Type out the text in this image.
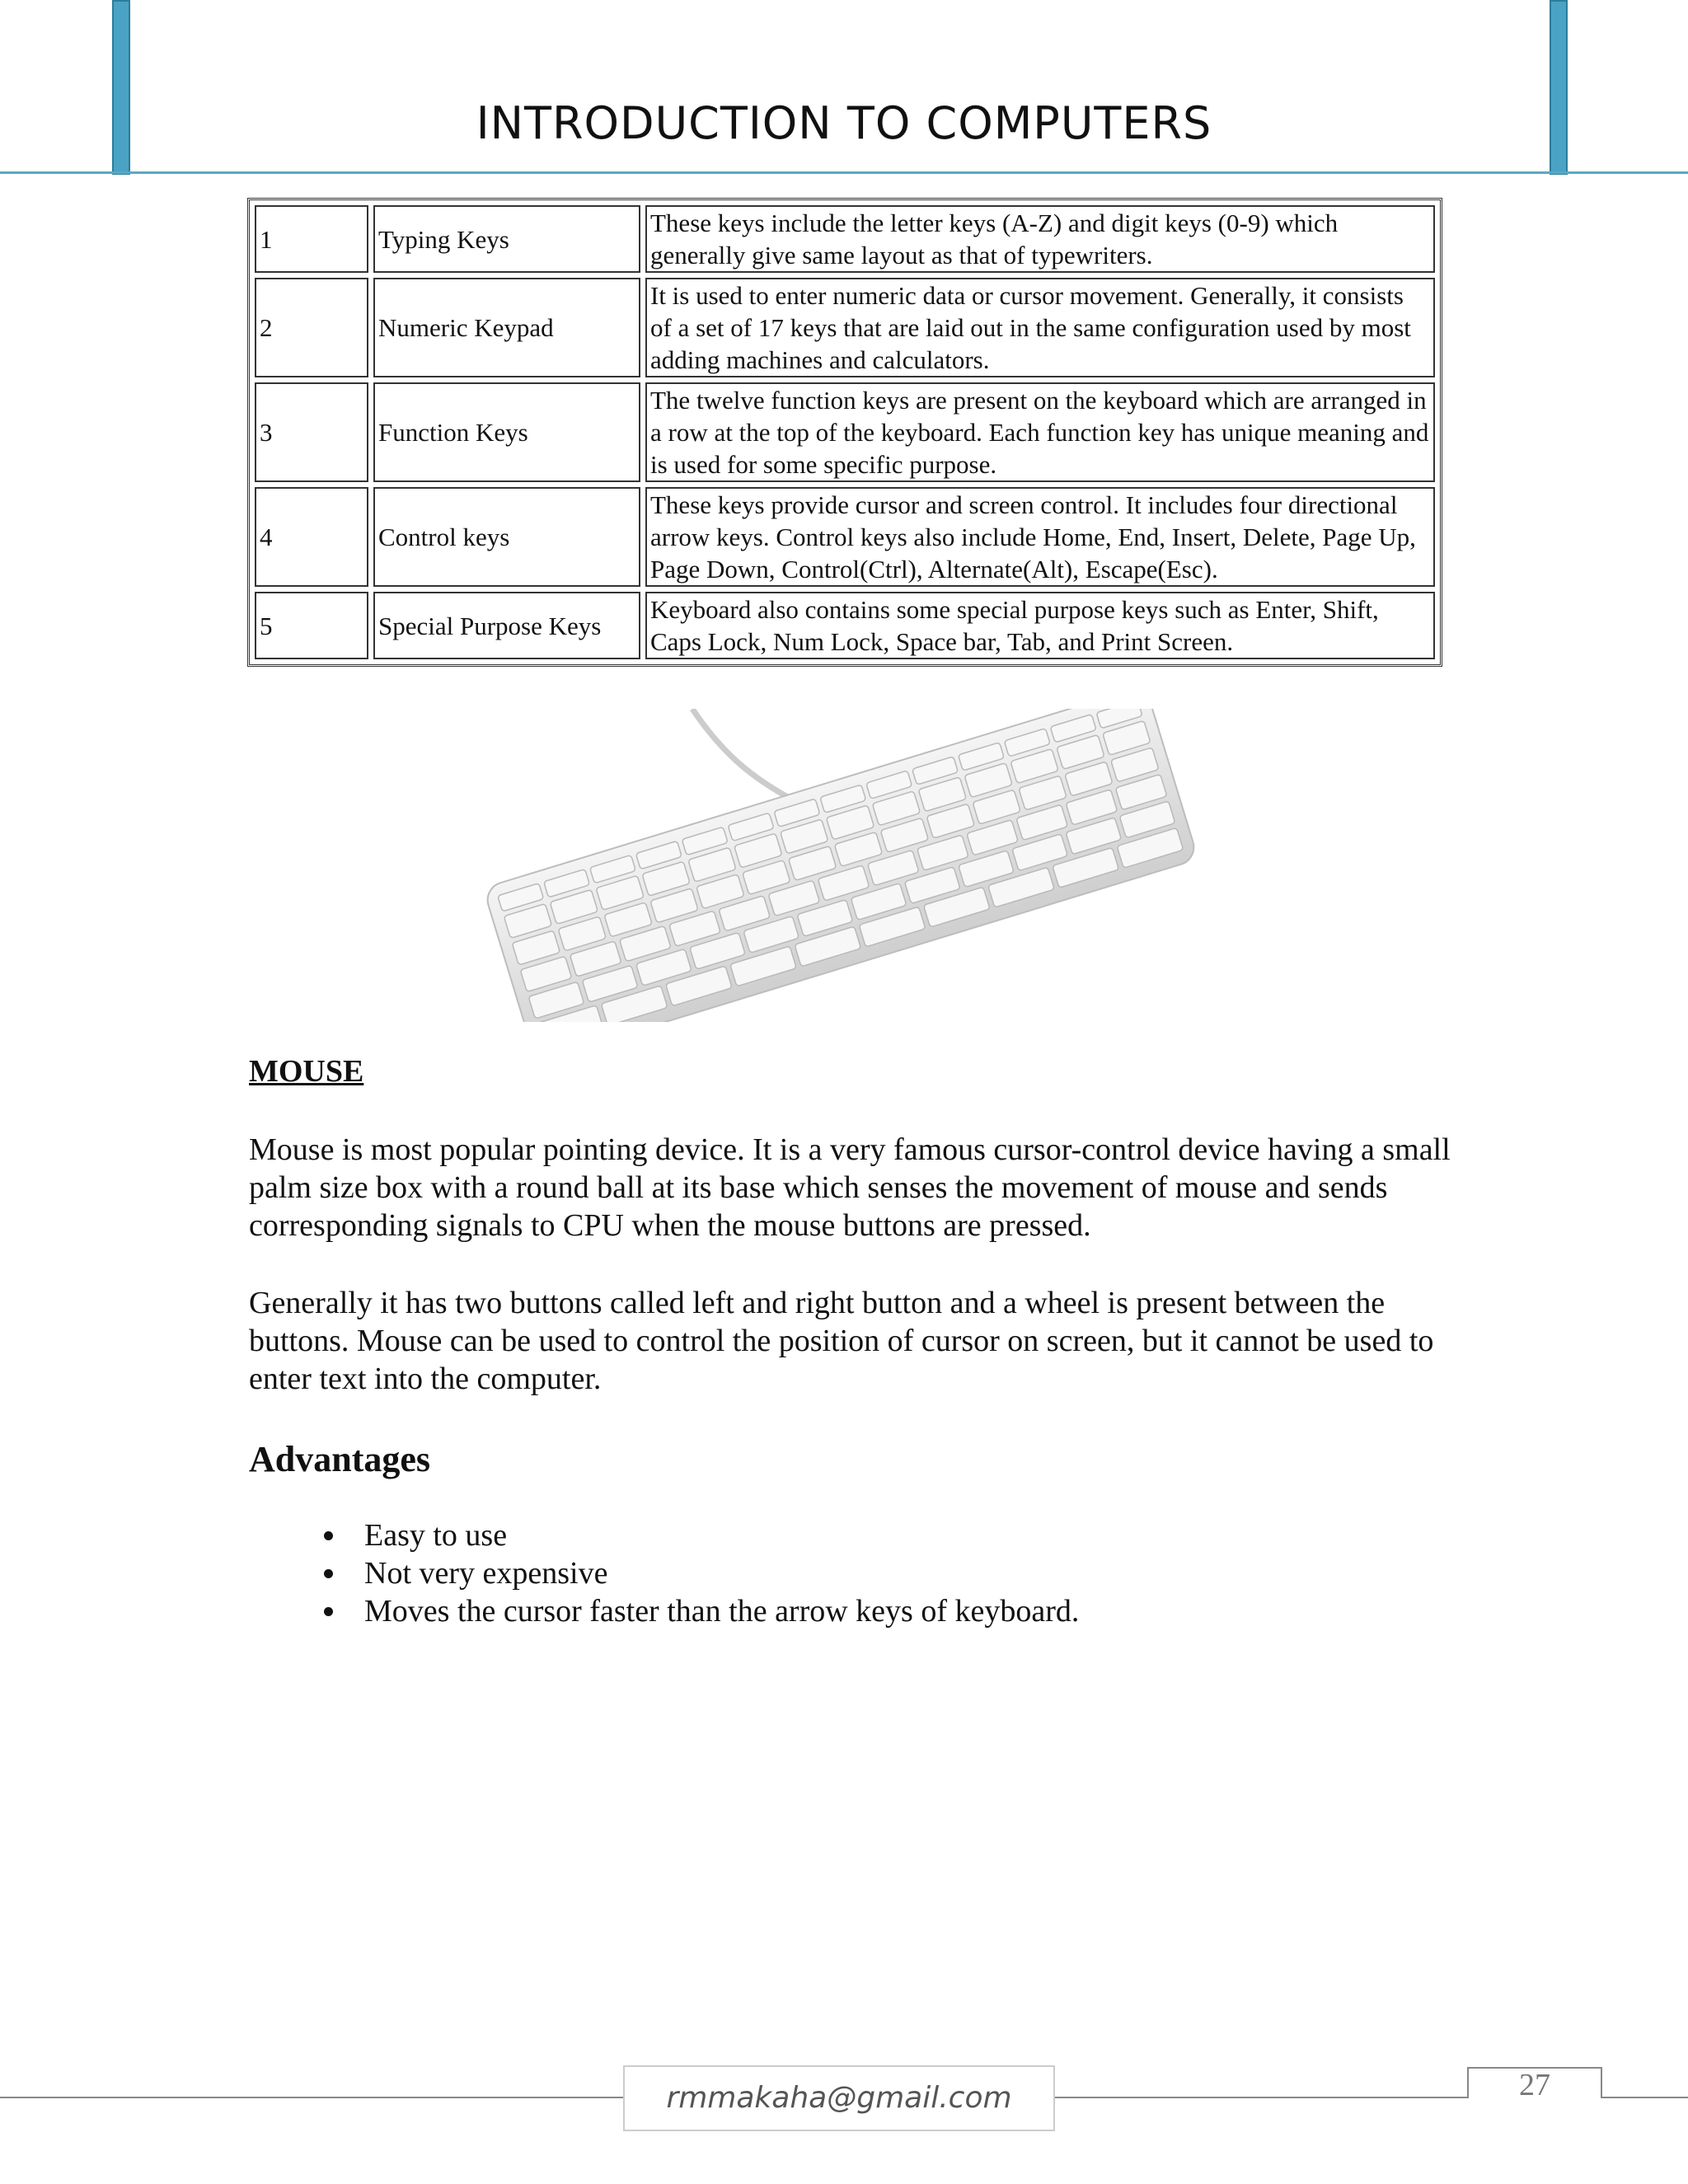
INTRODUCTION TO COMPUTERS
1	Typing Keys	These keys include the letter keys (A-Z) and digit keys (0-9) which generally give same layout as that of typewriters.
2	Numeric Keypad	It is used to enter numeric data or cursor movement. Generally, it consists of a set of 17 keys that are laid out in the same configuration used by most adding machines and calculators.
3	Function Keys	The twelve function keys are present on the keyboard which are arranged in a row at the top of the keyboard. Each function key has unique meaning and is used for some specific purpose.
4	Control keys	These keys provide cursor and screen control. It includes four directional arrow keys. Control keys also include Home, End, Insert, Delete, Page Up, Page Down, Control(Ctrl), Alternate(Alt), Escape(Esc).
5	Special Purpose Keys	Keyboard also contains some special purpose keys such as Enter, Shift, Caps Lock, Num Lock, Space bar, Tab, and Print Screen.
MOUSE
Mouse is most popular pointing device. It is a very famous cursor-control device having a small palm size box with a round ball at its base which senses the movement of mouse and sends corresponding signals to CPU when the mouse buttons are pressed.
Generally it has two buttons called left and right button and a wheel is present between the buttons. Mouse can be used to control the position of cursor on screen, but it cannot be used to enter text into the computer.
Advantages
• Easy to use
• Not very expensive
• Moves the cursor faster than the arrow keys of keyboard.
rmmakaha@gmail.com	27
